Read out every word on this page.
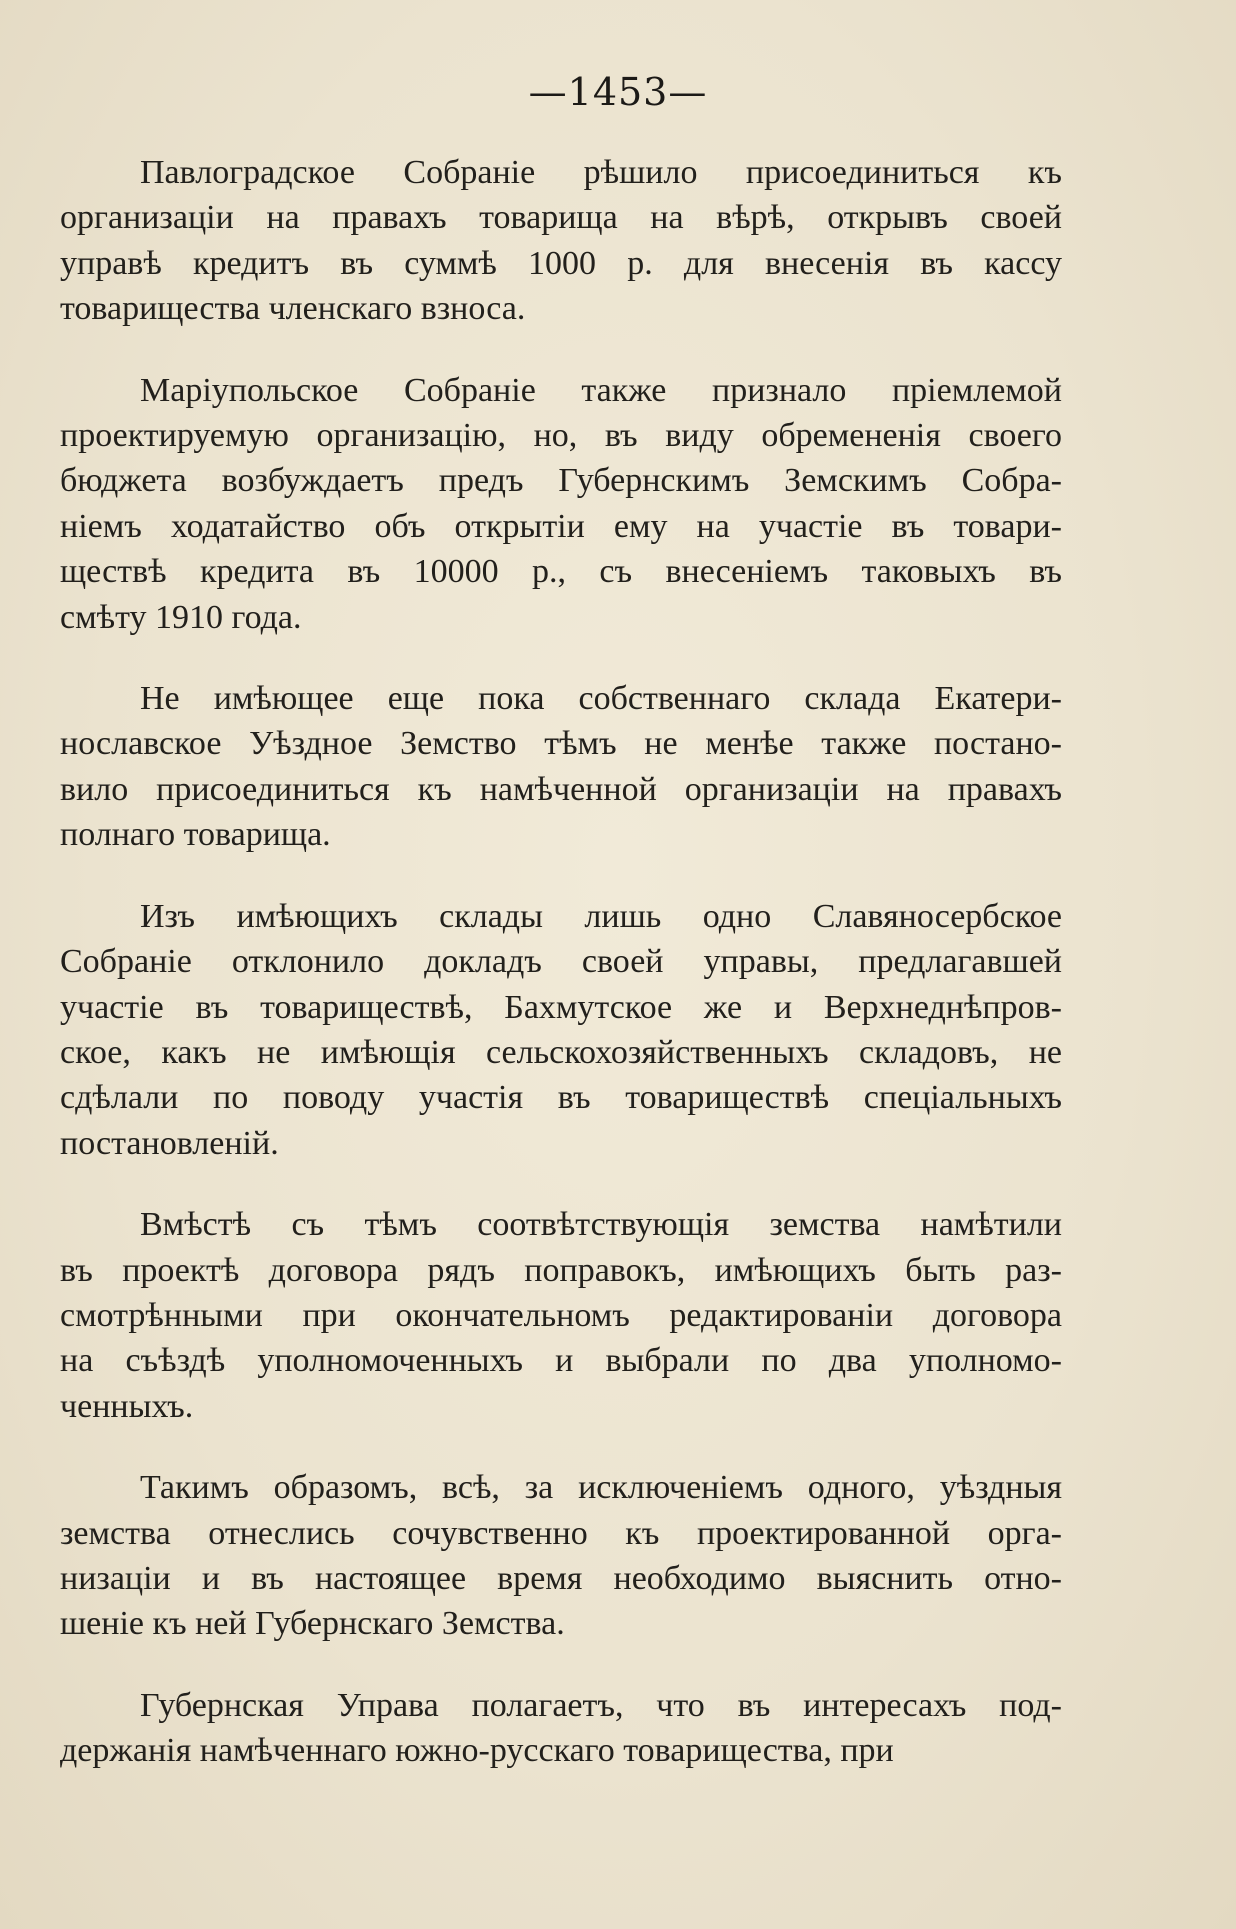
—1453—
Павлоградское Собраніе рѣшило присоединиться къ
организаціи на правахъ товарища на вѣрѣ, открывъ своей
управѣ кредитъ въ суммѣ 1000 р. для внесенія въ кассу
товарищества членскаго взноса.
Маріупольское Собраніе также признало пріемлемой
проектируемую организацію, но, въ виду обремененія своего
бюджета возбуждаетъ предъ Губернскимъ Земскимъ Собра-
ніемъ ходатайство объ открытіи ему на участіе въ товари-
ществѣ кредита въ 10000 р., съ внесеніемъ таковыхъ въ
смѣту 1910 года.
Не имѣющее еще пока собственнаго склада Екатери-
нославское Уѣздное Земство тѣмъ не менѣе также постано-
вило присоединиться къ намѣченной организаціи на правахъ
полнаго товарища.
Изъ имѣющихъ склады лишь одно Славяносербское
Собраніе отклонило докладъ своей управы, предлагавшей
участіе въ товариществѣ, Бахмутское же и Верхнеднѣпров-
ское, какъ не имѣющія сельскохозяйственныхъ складовъ, не
сдѣлали по поводу участія въ товариществѣ спеціальныхъ
постановленій.
Вмѣстѣ съ тѣмъ соотвѣтствующія земства намѣтили
въ проектѣ договора рядъ поправокъ, имѣющихъ быть раз-
смотрѣнными при окончательномъ редактированіи договора
на съѣздѣ уполномоченныхъ и выбрали по два уполномо-
ченныхъ.
Такимъ образомъ, всѣ, за исключеніемъ одного, уѣздныя
земства отнеслись сочувственно къ проектированной орга-
низаціи и въ настоящее время необходимо выяснить отно-
шеніе къ ней Губернскаго Земства.
Губернская Управа полагаетъ, что въ интересахъ под-
держанія намѣченнаго южно-русскаго товарищества, при
